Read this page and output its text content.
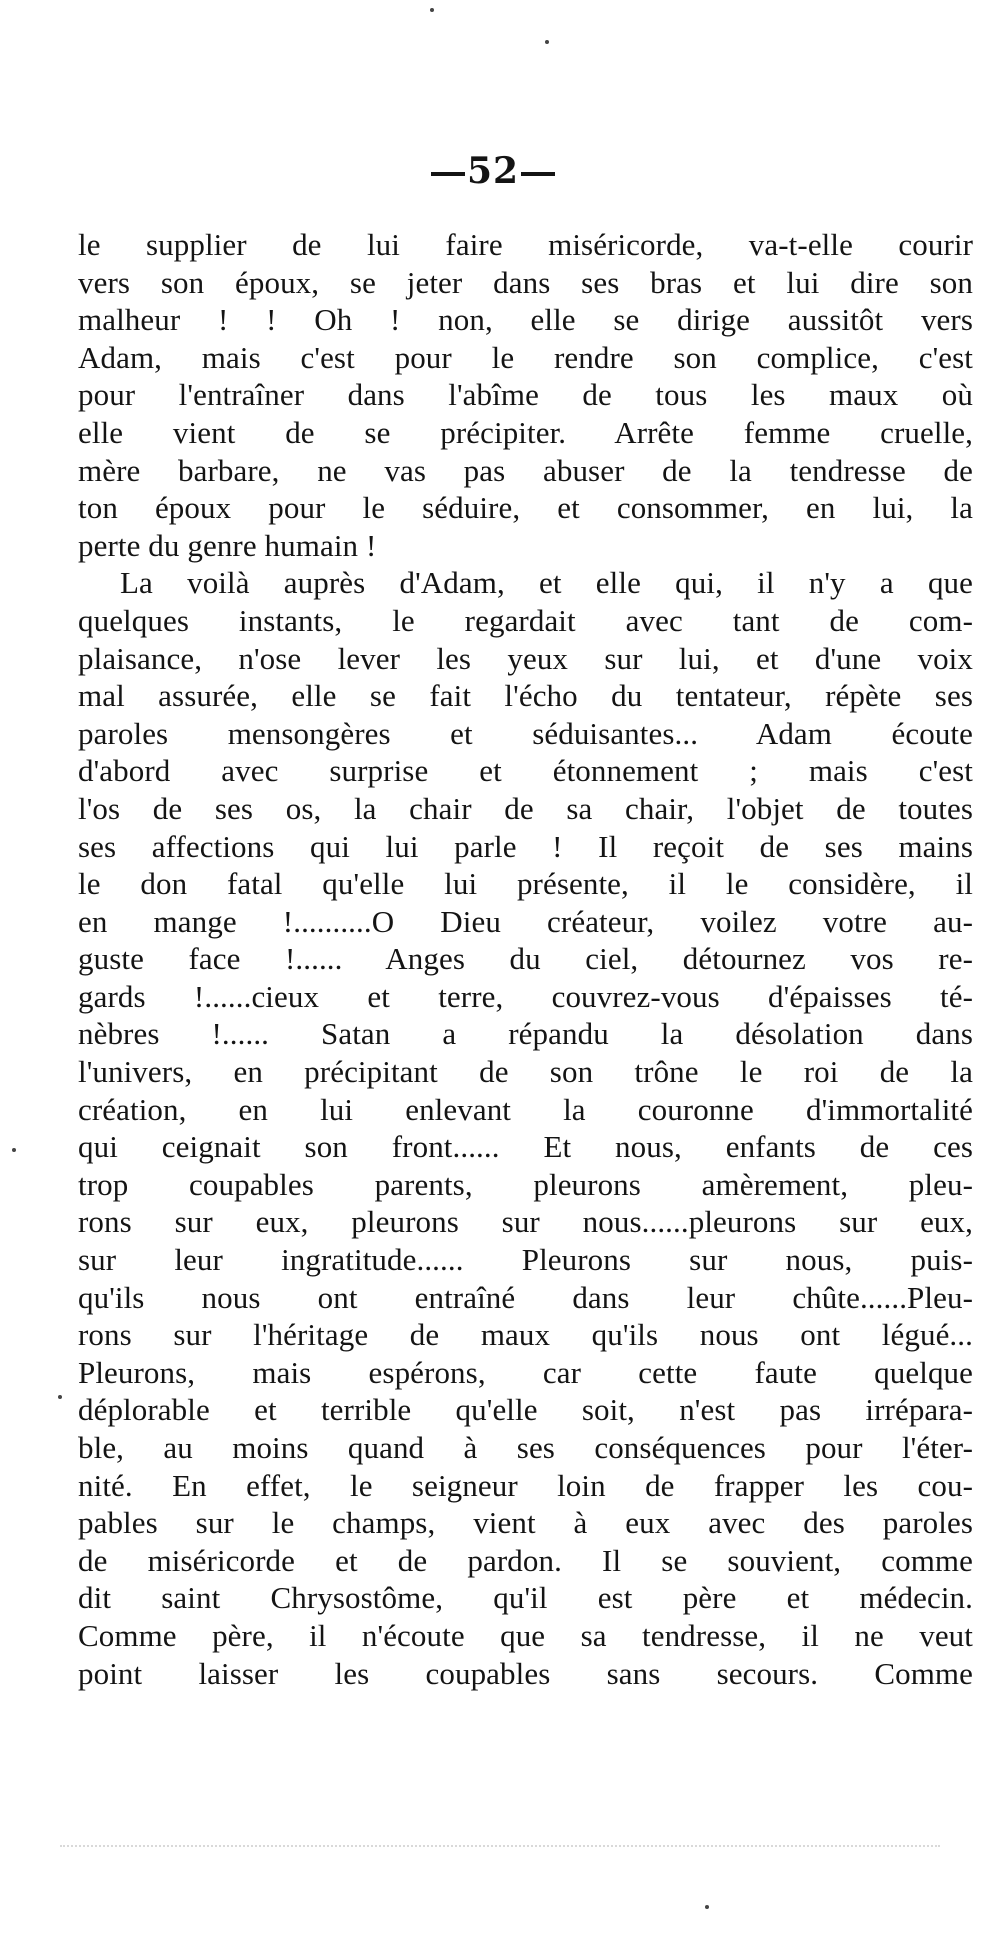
52
le supplier de lui faire miséricorde, va-t-elle courir
vers son époux, se jeter dans ses bras et lui dire son
malheur ! ! Oh ! non, elle se dirige aussitôt vers
Adam, mais c'est pour le rendre son complice, c'est
pour l'entraîner dans l'abîme de tous les maux où
elle vient de se précipiter. Arrête femme cruelle,
mère barbare, ne vas pas abuser de la tendresse de
ton époux pour le séduire, et consommer, en lui, la
perte du genre humain !
La voilà auprès d'Adam, et elle qui, il n'y a que
quelques instants, le regardait avec tant de com-
plaisance, n'ose lever les yeux sur lui, et d'une voix
mal assurée, elle se fait l'écho du tentateur, répète ses
paroles mensongères et séduisantes... Adam écoute
d'abord avec surprise et étonnement ; mais c'est
l'os de ses os, la chair de sa chair, l'objet de toutes
ses affections qui lui parle ! Il reçoit de ses mains
le don fatal qu'elle lui présente, il le considère, il
en mange !..........O Dieu créateur, voilez votre au-
guste face !...... Anges du ciel, détournez vos re-
gards !......cieux et terre, couvrez-vous d'épaisses té-
nèbres !...... Satan a répandu la désolation dans
l'univers, en précipitant de son trône le roi de la
création, en lui enlevant la couronne d'immortalité
qui ceignait son front...... Et nous, enfants de ces
trop coupables parents, pleurons amèrement, pleu-
rons sur eux, pleurons sur nous......pleurons sur eux,
sur leur ingratitude...... Pleurons sur nous, puis-
qu'ils nous ont entraîné dans leur chûte......Pleu-
rons sur l'héritage de maux qu'ils nous ont légué...
Pleurons, mais espérons, car cette faute quelque
déplorable et terrible qu'elle soit, n'est pas irrépara-
ble, au moins quand à ses conséquences pour l'éter-
nité. En effet, le seigneur loin de frapper les cou-
pables sur le champs, vient à eux avec des paroles
de miséricorde et de pardon. Il se souvient, comme
dit saint Chrysostôme, qu'il est père et médecin.
Comme père, il n'écoute que sa tendresse, il ne veut
point laisser les coupables sans secours. Comme
